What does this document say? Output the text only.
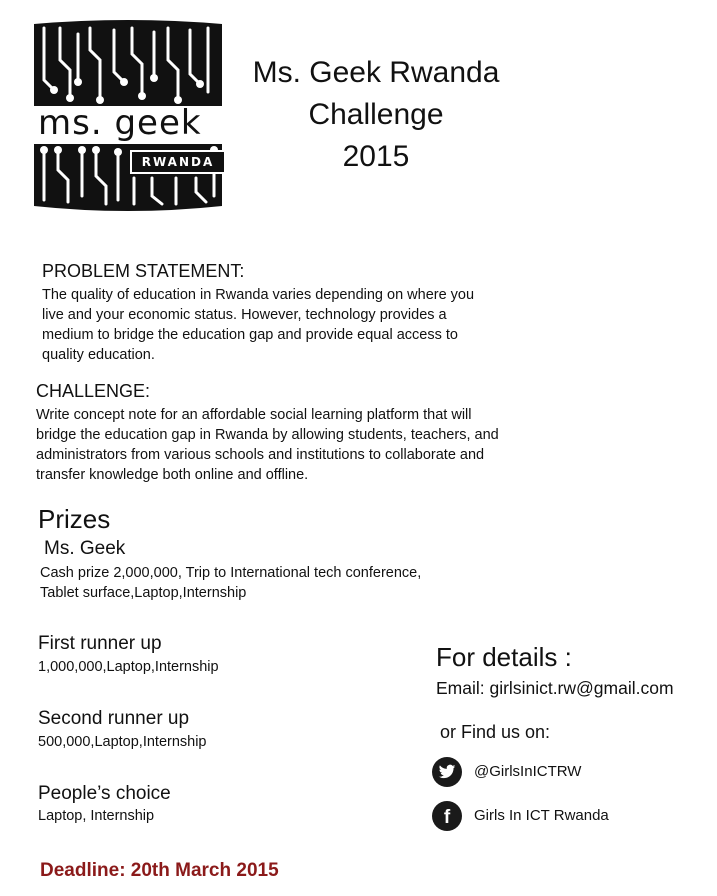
ms. geek
RWANDA
Ms. Geek Rwanda
Challenge
2015
PROBLEM STATEMENT:
The quality of education in Rwanda varies depending on where you
live and your economic status. However, technology provides a
medium to bridge the education gap and provide equal access to
quality education.
CHALLENGE:
Write concept note for an affordable social learning platform that will
bridge the education gap in Rwanda by allowing students, teachers, and
administrators from various schools and institutions to collaborate and
transfer knowledge both online and offline.
Prizes
Ms. Geek
Cash prize 2,000,000, Trip to International tech conference,
Tablet surface,Laptop,Internship
First runner up
1,000,000,Laptop,Internship
Second runner up
500,000,Laptop,Internship
People’s choice
Laptop, Internship
For details :
Email: girlsinict.rw@gmail.com
or Find us on:
@GirlsInICTRW
f Girls In ICT Rwanda
Deadline: 20th March 2015
